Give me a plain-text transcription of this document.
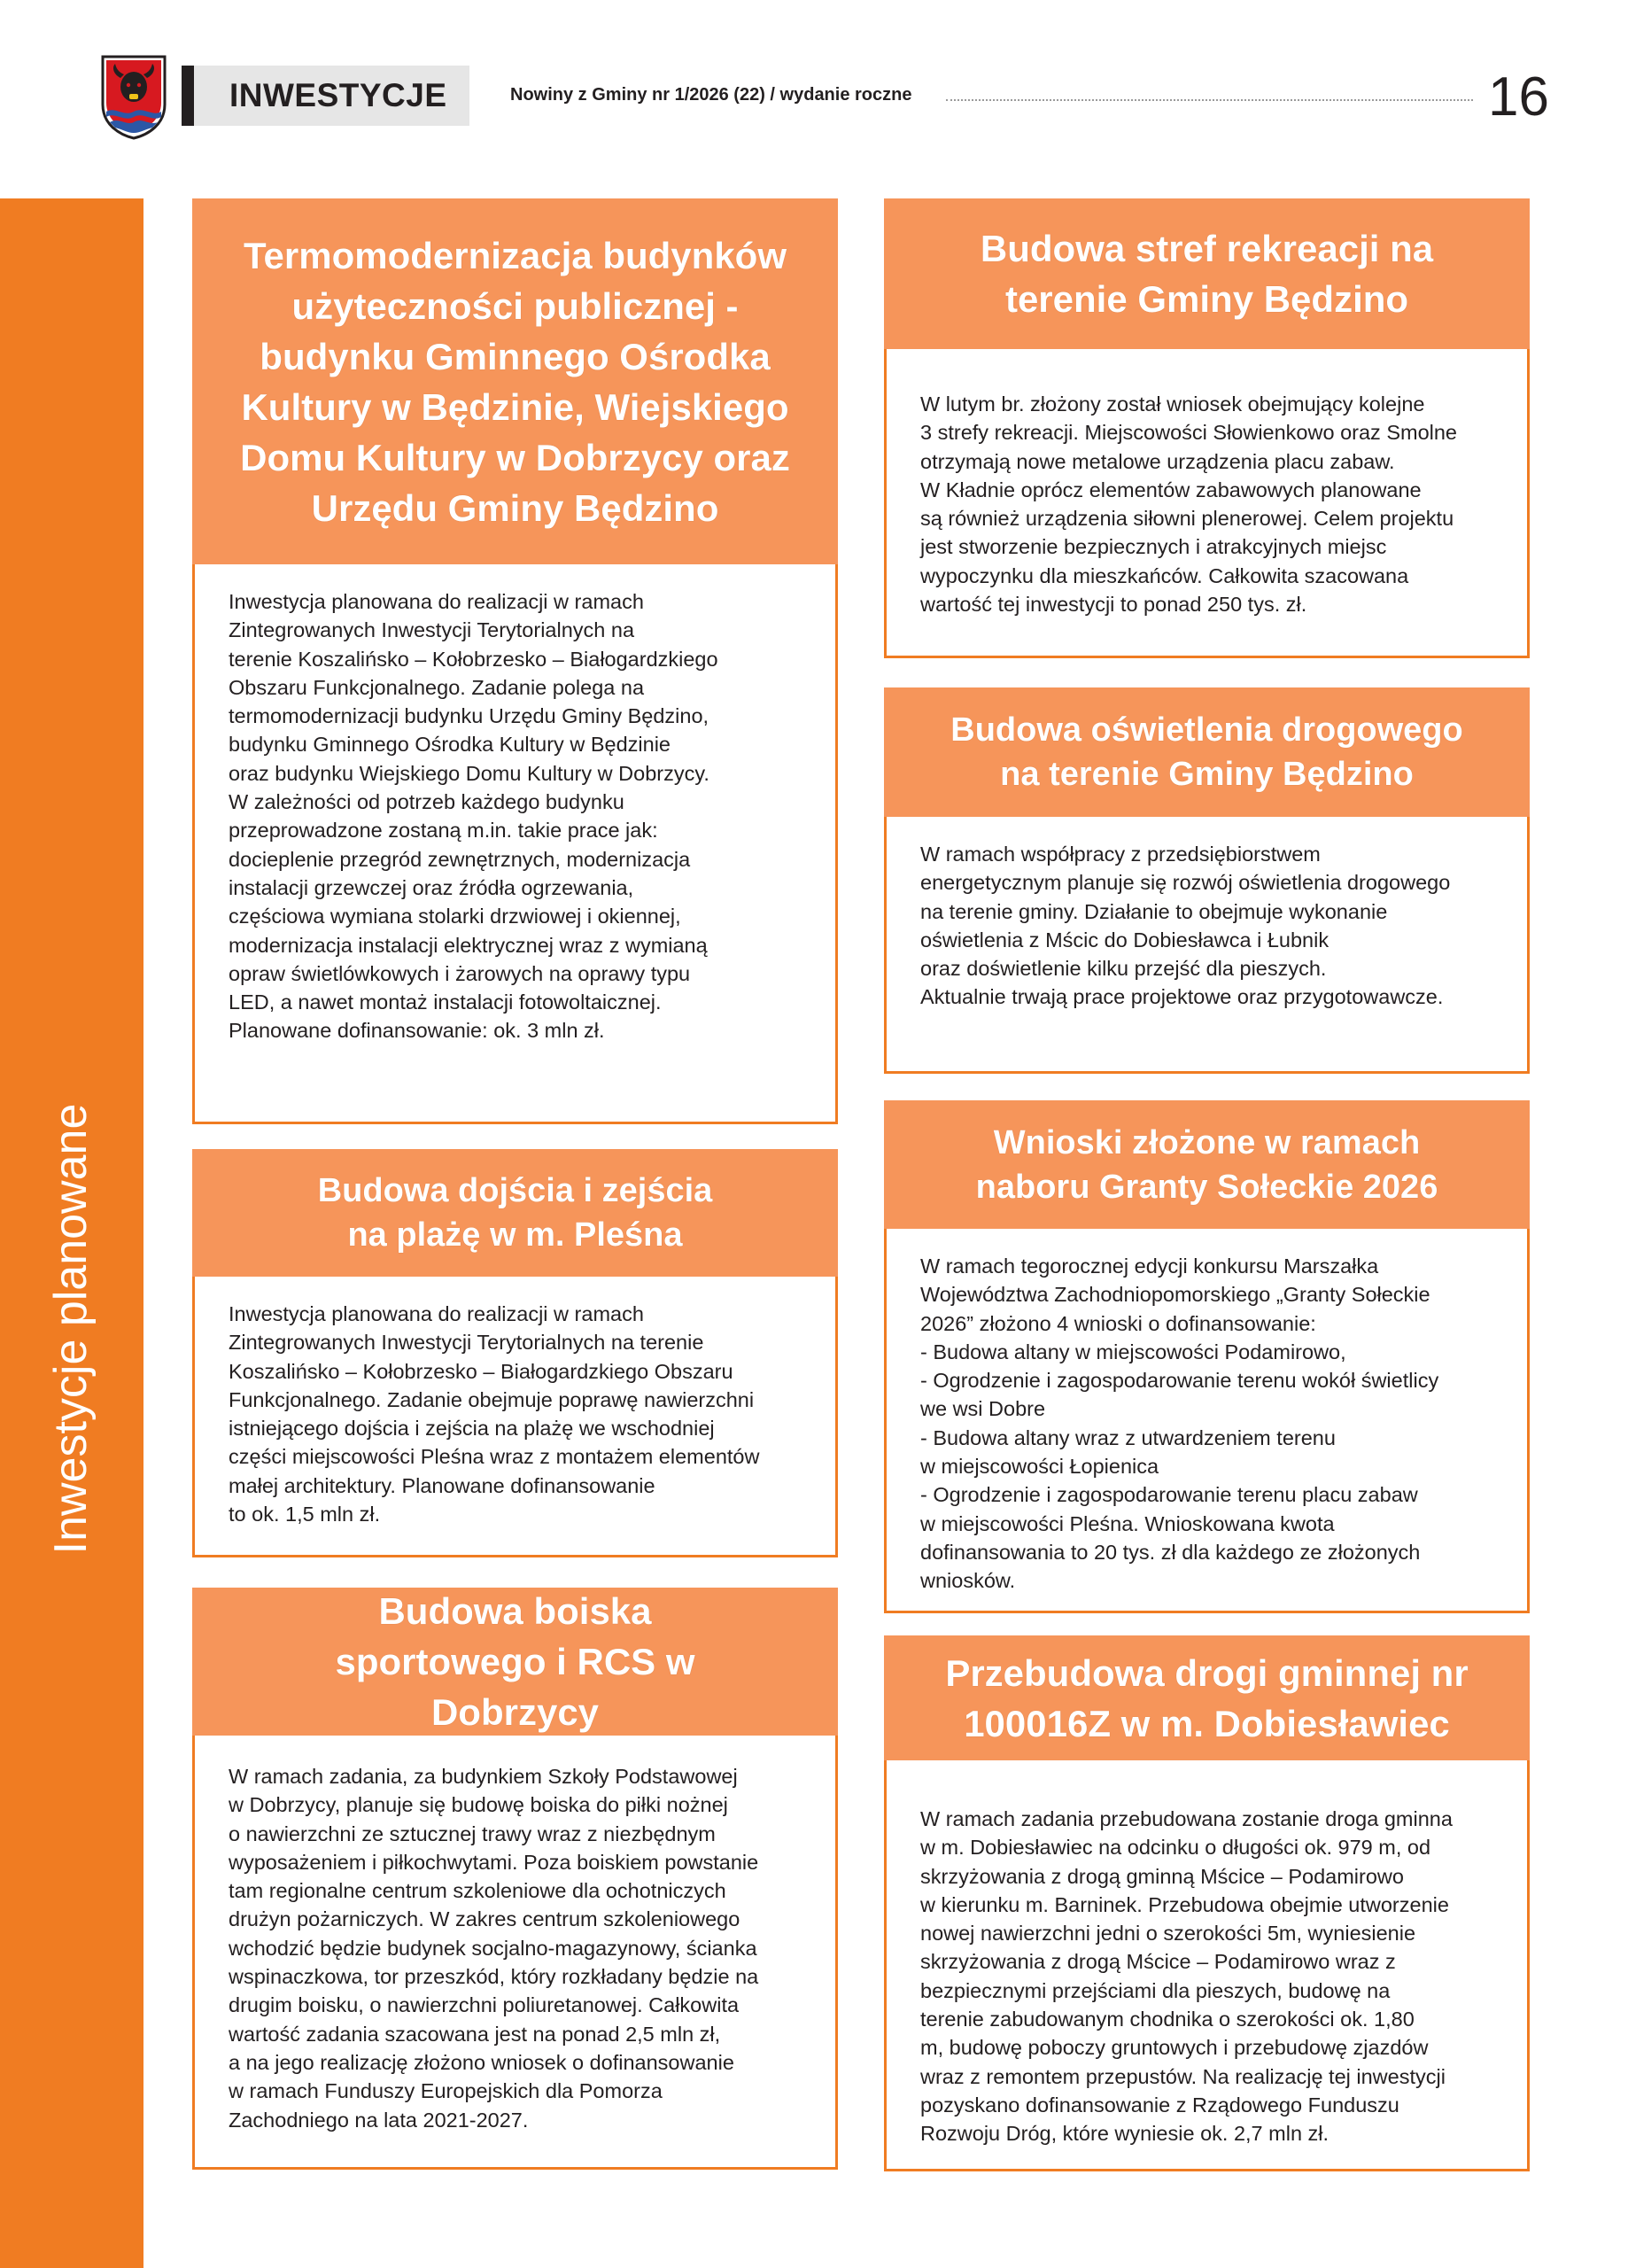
INWESTYCJE	Nowiny z Gminy nr 1/2026 (22) / wydanie roczne	16
Inwestycje planowane
Termomodernizacja budynków użyteczności publicznej - budynku Gminnego Ośrodka Kultury w Będzinie, Wiejskiego Domu Kultury w Dobrzycy oraz Urzędu Gminy Będzino
Inwestycja planowana do realizacji w ramach
Zintegrowanych Inwestycji Terytorialnych na
terenie Koszalińsko – Kołobrzesko – Białogardzkiego
Obszaru Funkcjonalnego. Zadanie polega na
termomodernizacji budynku Urzędu Gminy Będzino,
budynku Gminnego Ośrodka Kultury w Będzinie
oraz budynku Wiejskiego Domu Kultury w Dobrzycy.
W zależności od potrzeb każdego budynku
przeprowadzone zostaną m.in. takie prace jak:
docieplenie przegród zewnętrznych, modernizacja
instalacji grzewczej oraz źródła ogrzewania,
częściowa wymiana stolarki drzwiowej i okiennej,
modernizacja instalacji elektrycznej wraz z wymianą
opraw świetlówkowych i żarowych na oprawy typu
LED, a nawet montaż instalacji fotowoltaicznej.
Planowane dofinansowanie: ok. 3 mln zł.
Budowa dojścia i zejścia na plażę w m. Pleśna
Inwestycja planowana do realizacji w ramach
Zintegrowanych Inwestycji Terytorialnych na terenie
Koszalińsko – Kołobrzesko – Białogardzkiego Obszaru
Funkcjonalnego. Zadanie obejmuje poprawę nawierzchni
istniejącego dojścia i zejścia na plażę we wschodniej
części miejscowości Pleśna wraz z montażem elementów
małej architektury. Planowane dofinansowanie
to ok. 1,5 mln zł.
Budowa boiska sportowego i RCS w Dobrzycy
W ramach zadania, za budynkiem Szkoły Podstawowej
w Dobrzycy, planuje się budowę boiska do piłki nożnej
o nawierzchni ze sztucznej trawy wraz z niezbędnym
wyposażeniem i piłkochwytami. Poza boiskiem powstanie
tam regionalne centrum szkoleniowe dla ochotniczych
drużyn pożarniczych. W zakres centrum szkoleniowego
wchodzić będzie budynek socjalno-magazynowy, ścianka
wspinaczkowa, tor przeszkód, który rozkładany będzie na
drugim boisku, o nawierzchni poliuretanowej. Całkowita
wartość zadania szacowana jest na ponad 2,5 mln zł,
a na jego realizację złożono wniosek o dofinansowanie
w ramach Funduszy Europejskich dla Pomorza
Zachodniego na lata 2021-2027.
Budowa stref rekreacji na terenie Gminy Będzino
W lutym br. złożony został wniosek obejmujący kolejne
3 strefy rekreacji. Miejscowości Słowienkowo oraz Smolne
otrzymają nowe metalowe urządzenia placu zabaw.
W Kładnie oprócz elementów zabawowych planowane
są również urządzenia siłowni plenerowej. Celem projektu
jest stworzenie bezpiecznych i atrakcyjnych miejsc
wypoczynku dla mieszkańców. Całkowita szacowana
wartość tej inwestycji to ponad 250 tys. zł.
Budowa oświetlenia drogowego na terenie Gminy Będzino
W ramach współpracy z przedsiębiorstwem
energetycznym planuje się rozwój oświetlenia drogowego
na terenie gminy. Działanie to obejmuje wykonanie
oświetlenia z Mścic do Dobiesławca i Łubnik
oraz doświetlenie kilku przejść dla pieszych.
Aktualnie trwają prace projektowe oraz przygotowawcze.
Wnioski złożone w ramach naboru Granty Sołeckie 2026
W ramach tegorocznej edycji konkursu Marszałka
Województwa Zachodniopomorskiego „Granty Sołeckie
2026” złożono 4 wnioski o dofinansowanie:
- Budowa altany w miejscowości Podamirowo,
- Ogrodzenie i zagospodarowanie terenu wokół świetlicy
we wsi Dobre
- Budowa altany wraz z utwardzeniem terenu
w miejscowości Łopienica
- Ogrodzenie i zagospodarowanie terenu placu zabaw
w miejscowości Pleśna. Wnioskowana kwota
dofinansowania to 20 tys. zł dla każdego ze złożonych
wniosków.
Przebudowa drogi gminnej nr 100016Z w m. Dobiesławiec
W ramach zadania przebudowana zostanie droga gminna
w m. Dobiesławiec na odcinku o długości ok. 979 m, od
skrzyżowania z drogą gminną Mścice – Podamirowo
w kierunku m. Barninek. Przebudowa obejmie utworzenie
nowej nawierzchni jedni o szerokości 5m, wyniesienie
skrzyżowania z drogą Mścice – Podamirowo wraz z
bezpiecznymi przejściami dla pieszych, budowę na
terenie zabudowanym chodnika o szerokości ok. 1,80
m, budowę poboczy gruntowych i przebudowę zjazdów
wraz z remontem przepustów. Na realizację tej inwestycji
pozyskano dofinansowanie z Rządowego Funduszu
Rozwoju Dróg, które wyniesie ok. 2,7 mln zł.
